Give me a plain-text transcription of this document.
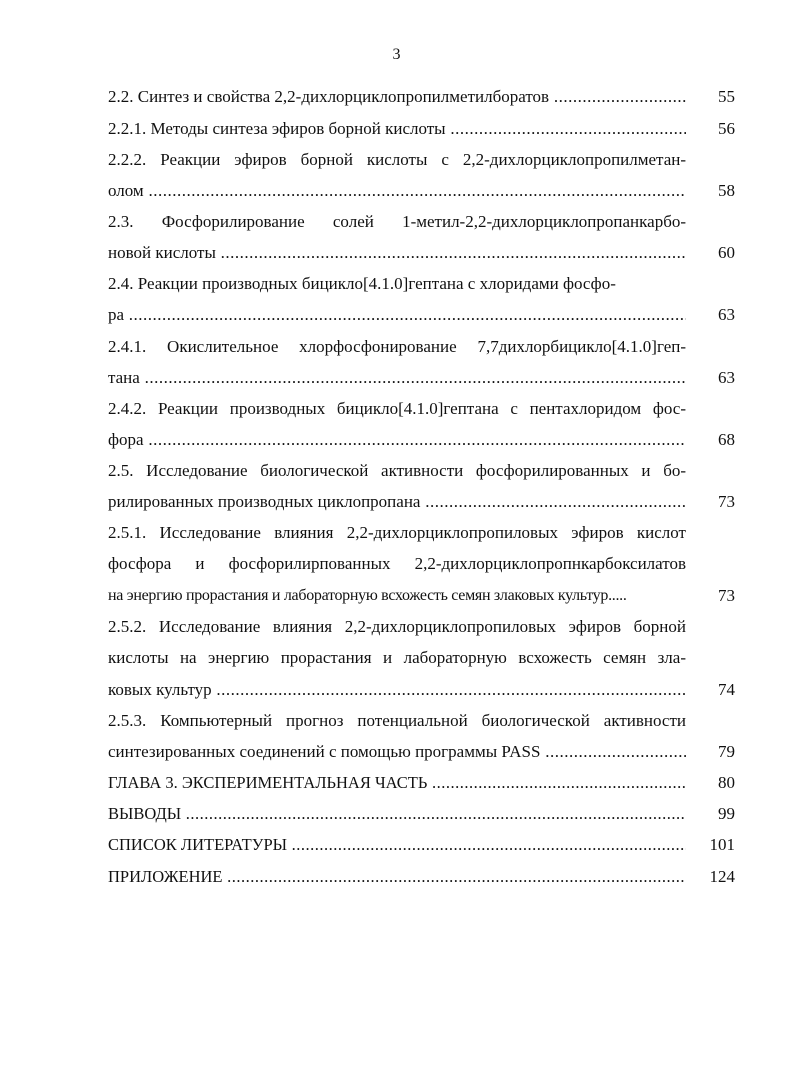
3
2.2. Синтез и свойства 2,2-дихлорциклопропилметилборатов .....	55
2.2.1. Методы синтеза эфиров борной кислоты .....	56
2.2.2. Реакции эфиров борной кислоты с 2,2-дихлорциклопропилметан-
олом .....	58
2.3. Фосфорилирование солей 1-метил-2,2-дихлорциклопропанкарбо-
новой кислоты .....	60
2.4. Реакции производных бицикло[4.1.0]гептана с хлоридами фосфо-
ра .....	63
2.4.1. Окислительное хлорфосфонирование 7,7дихлорбицикло[4.1.0]геп-
тана .....	63
2.4.2. Реакции производных бицикло[4.1.0]гептана с пентахлоридом фос-
фора .....	68
2.5. Исследование биологической активности фосфорилированных и бо-
рилированных производных циклопропана .....	73
2.5.1. Исследование влияния 2,2-дихлорциклопропиловых эфиров кислот
фосфора и фосфорилирпованных 2,2-дихлорциклопропнкарбоксилатов
на энергию прорастания и лабораторную всхожесть семян злаковых культур.....	73
2.5.2. Исследование влияния 2,2-дихлорциклопропиловых эфиров борной
кислоты на энергию прорастания и лабораторную всхожесть семян зла-
ковых культур .....	74
2.5.3. Компьютерный прогноз потенциальной биологической активности
синтезированных соединений с помощью программы PASS .....	79
ГЛАВА 3. ЭКСПЕРИМЕНТАЛЬНАЯ ЧАСТЬ .....	80
ВЫВОДЫ .....	99
СПИСОК ЛИТЕРАТУРЫ .....	101
ПРИЛОЖЕНИЕ .....	124
